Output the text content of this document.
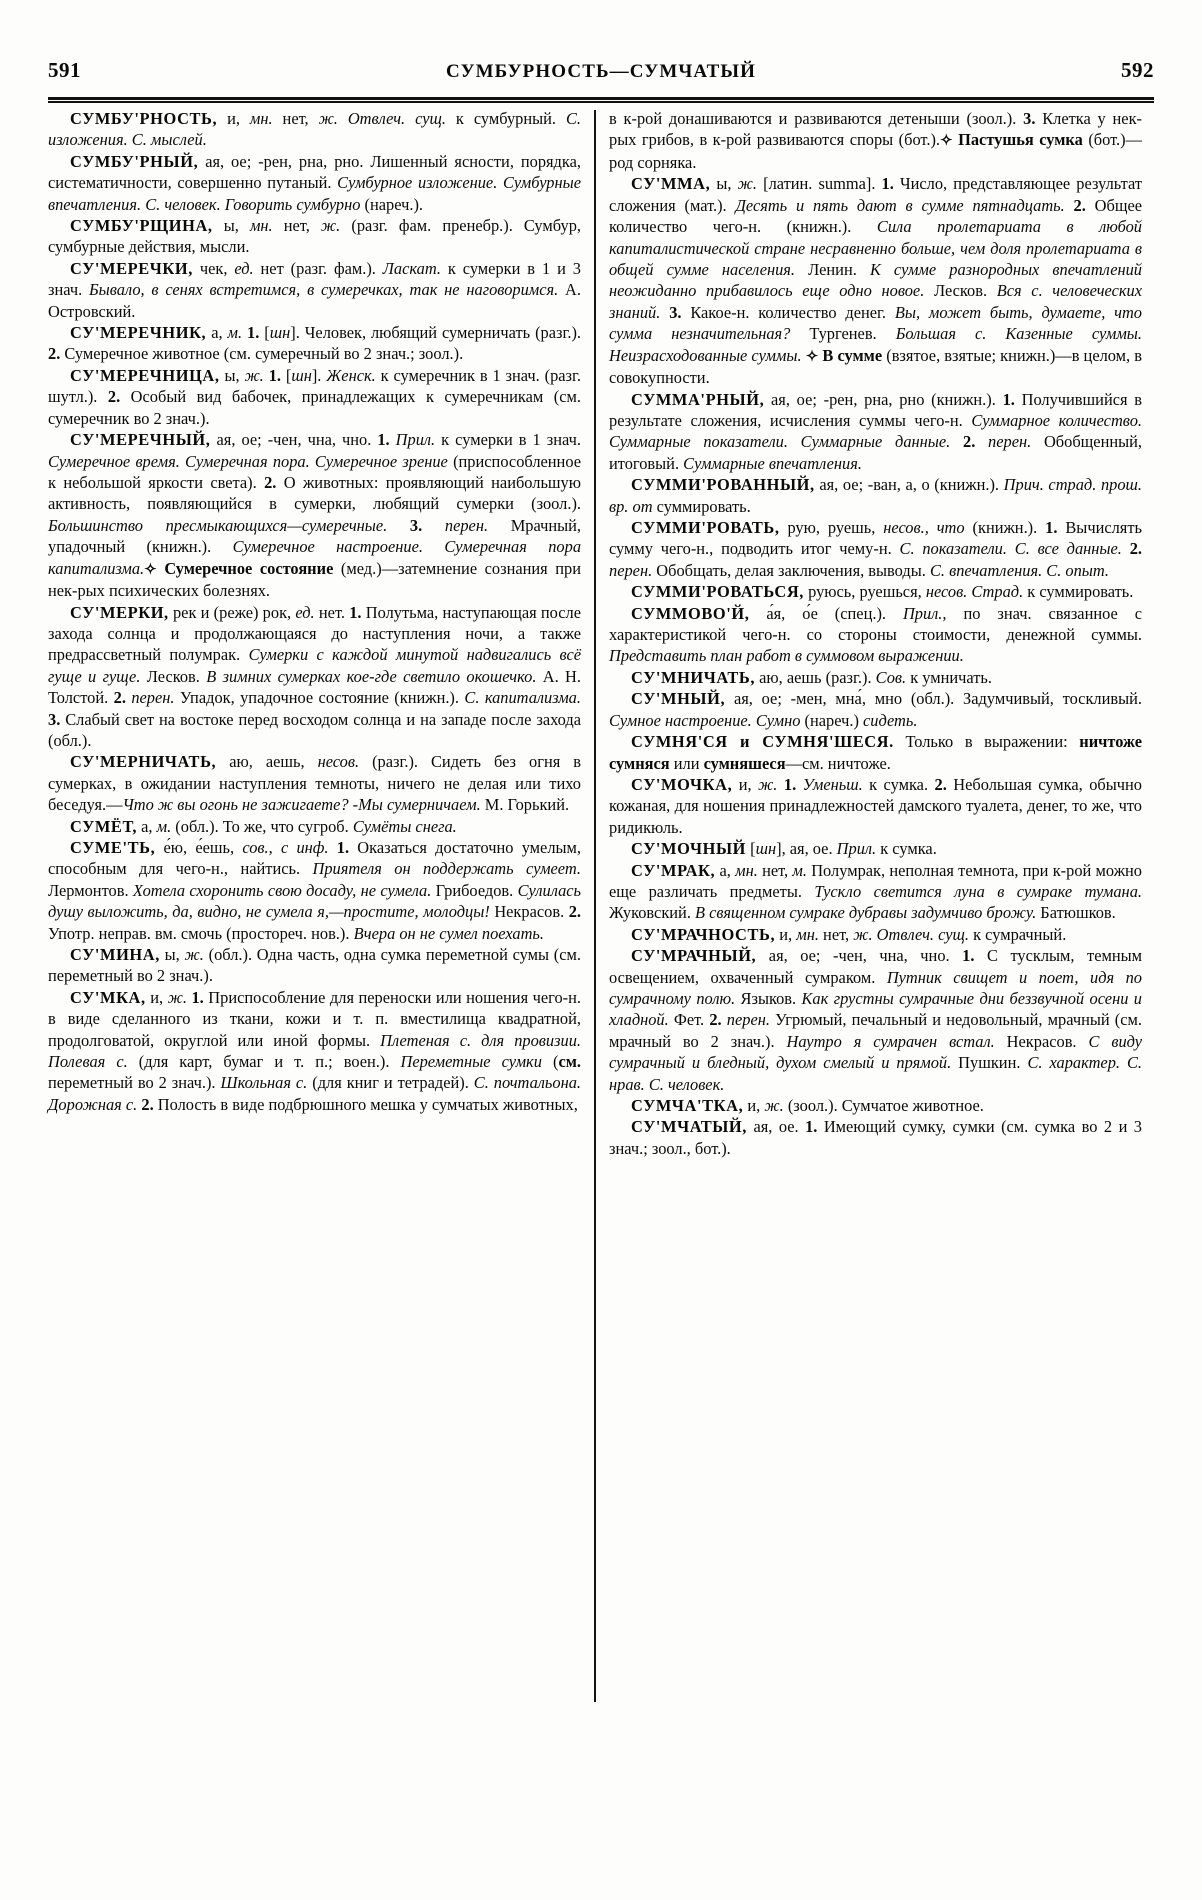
591	СУМБУРНОСТЬ—СУМЧАТЫЙ	592

СУМБУ'РНОСТЬ, и, мн. нет, ж. Отвлеч. сущ. к сумбурный. С. изложения. С. мыслей.

СУМБУ'РНЫЙ, ая, ое; -рен, рна, рно. Лишенный ясности, порядка, систематичности, совершенно путаный. Сумбурное изложение. Сумбурные впечатления. С. человек. Говорить сумбурно (нареч.).

СУМБУ'РЩИНА, ы, мн. нет, ж. (разг. фам. пренебр.). Сумбур, сумбурные действия, мысли.

СУ'МЕРЕЧКИ, чек, ед. нет (разг. фам.). Ласкат. к сумерки в 1 и 3 знач. Бывало, в сенях встретимся, в сумеречках, так не наговоримся. А. Островский.

СУ'МЕРЕЧНИК, а, м. 1. [шн]. Человек, любящий сумерничать (разг.). 2. Сумеречное животное (см. сумеречный во 2 знач.; зоол.).

СУ'МЕРЕЧНИЦА, ы, ж. 1. [шн]. Женск. к сумеречник в 1 знач. (разг. шутл.). 2. Особый вид бабочек, принадлежащих к сумеречникам (см. сумеречник во 2 знач.).

СУ'МЕРЕЧНЫЙ, ая, ое; -чен, чна, чно. 1. Прил. к сумерки в 1 знач. Сумеречное время. Сумеречная пора. Сумеречное зрение (приспособленное к небольшой яркости света). 2. О животных: проявляющий наибольшую активность, появляющийся в сумерки, любящий сумерки (зоол.). Большинство пресмыкающихся—сумеречные. 3. перен. Мрачный, упадочный (книжн.). Сумеречное настроение. Сумеречная пора капитализма.✧ Сумеречное состояние (мед.)—затемнение сознания при нек-рых психических болезнях.

СУ'МЕРКИ, рек и (реже) рок, ед. нет. 1. Полутьма, наступающая после захода солнца и продолжающаяся до наступления ночи, а также предрассветный полумрак. Сумерки с каждой минутой надвигались всё гуще и гуще. Лесков. В зимних сумерках кое-где светило окошечко. А. Н. Толстой. 2. перен. Упадок, упадочное состояние (книжн.). С. капитализма. 3. Слабый свет на востоке перед восходом солнца и на западе после захода (обл.).

СУ'МЕРНИЧАТЬ, аю, аешь, несов. (разг.). Сидеть без огня в сумерках, в ожидании наступления темноты, ничего не делая или тихо беседуя.—Что ж вы огонь не зажигаете? -Мы сумерничаем. М. Горький.

СУМЁТ, а, м. (обл.). То же, что сугроб. Сумёты снега.

СУМЕ'ТЬ, е́ю, е́ешь, сов., с инф. 1. Оказаться достаточно умелым, способным для чего-н., найтись. Приятеля он поддержать сумеет. Лермонтов. Хотела схоронить свою досаду, не сумела. Грибоедов. Сулилась душу выложить, да, видно, не сумела я,—простите, молодцы! Некрасов. 2. Употр. неправ. вм. смочь (простореч. нов.). Вчера он не сумел поехать.

СУ'МИНА, ы, ж. (обл.). Одна часть, одна сумка переметной сумы (см. переметный во 2 знач.).

СУ'МКА, и, ж. 1. Приспособление для переноски или ношения чего-н. в виде сделанного из ткани, кожи и т. п. вместилища квадратной, продолговатой, округлой или иной формы. Плетеная с. для провизии. Полевая с. (для карт, бумаг и т. п.; воен.). Переметные сумки (см. переметный во 2 знач.). Школьная с. (для книг и тетрадей). С. почтальона. Дорожная с. 2. Полость в виде подбрюшного мешка у сумчатых животных,

в к-рой донашиваются и развиваются детеныши (зоол.). 3. Клетка у нек-рых грибов, в к-рой развиваются споры (бот.).✧ Пастушья сумка (бот.)—род сорняка.

СУ'ММА, ы, ж. [латин. summa]. 1. Число, представляющее результат сложения (мат.). Десять и пять дают в сумме пятнадцать. 2. Общее количество чего-н. (книжн.). Сила пролетариата в любой капиталистической стране несравненно больше, чем доля пролетариата в общей сумме населения. Ленин. К сумме разнородных впечатлений неожиданно прибавилось еще одно новое. Лесков. Вся с. человеческих знаний. 3. Какое-н. количество денег. Вы, может быть, думаете, что сумма незначительная? Тургенев. Большая с. Казенные суммы. Неизрасходованные суммы. ✧ В сумме (взятое, взятые; книжн.)—в целом, в совокупности.

СУММА'РНЫЙ, ая, ое; -рен, рна, рно (книжн.). 1. Получившийся в результате сложения, исчисления суммы чего-н. Суммарное количество. Суммарные показатели. Суммарные данные. 2. перен. Обобщенный, итоговый. Суммарные впечатления.

СУММИ'РОВАННЫЙ, ая, ое; -ван, а, о (книжн.). Прич. страд. прош. вр. от суммировать.

СУММИ'РОВАТЬ, рую, руешь, несов., что (книжн.). 1. Вычислять сумму чего-н., подводить итог чему-н. С. показатели. С. все данные. 2. перен. Обобщать, делая заключения, выводы. С. впечатления. С. опыт.

СУММИ'РОВАТЬСЯ, руюсь, руешься, несов. Страд. к суммировать.

СУММОВО'Й, а́я, о́е (спец.). Прил., по знач. связанное с характеристикой чего-н. со стороны стоимости, денежной суммы. Представить план работ в суммовом выражении.

СУ'МНИЧАТЬ, аю, аешь (разг.). Сов. к умничать.

СУ'МНЫЙ, ая, ое; -мен, мна́, мно (обл.). Задумчивый, тоскливый. Сумное настроение. Сумно (нареч.) сидеть.

СУМНЯ'СЯ и СУМНЯ'ШЕСЯ. Только в выражении: ничтоже сумняся или сумняшеся—см. ничтоже.

СУ'МОЧКА, и, ж. 1. Уменьш. к сумка. 2. Небольшая сумка, обычно кожаная, для ношения принадлежностей дамского туалета, денег, то же, что ридикюль.

СУ'МОЧНЫЙ [шн], ая, ое. Прил. к сумка.

СУ'МРАК, а, мн. нет, м. Полумрак, неполная темнота, при к-рой можно еще различать предметы. Тускло светится луна в сумраке тумана. Жуковский. В священном сумраке дубравы задумчиво брожу. Батюшков.

СУ'МРАЧНОСТЬ, и, мн. нет, ж. Отвлеч. сущ. к сумрачный.

СУ'МРАЧНЫЙ, ая, ое; -чен, чна, чно. 1. С тусклым, темным освещением, охваченный сумраком. Путник свищет и поет, идя по сумрачному полю. Языков. Как грустны сумрачные дни беззвучной осени и хладной. Фет. 2. перен. Угрюмый, печальный и недовольный, мрачный (см. мрачный во 2 знач.). Наутро я сумрачен встал. Некрасов. С виду сумрачный и бледный, духом смелый и прямой. Пушкин. С. характер. С. нрав. С. человек.

СУМЧА'ТКА, и, ж. (зоол.). Сумчатое животное.

СУ'МЧАТЫЙ, ая, ое. 1. Имеющий сумку, сумки (см. сумка во 2 и 3 знач.; зоол., бот.).
